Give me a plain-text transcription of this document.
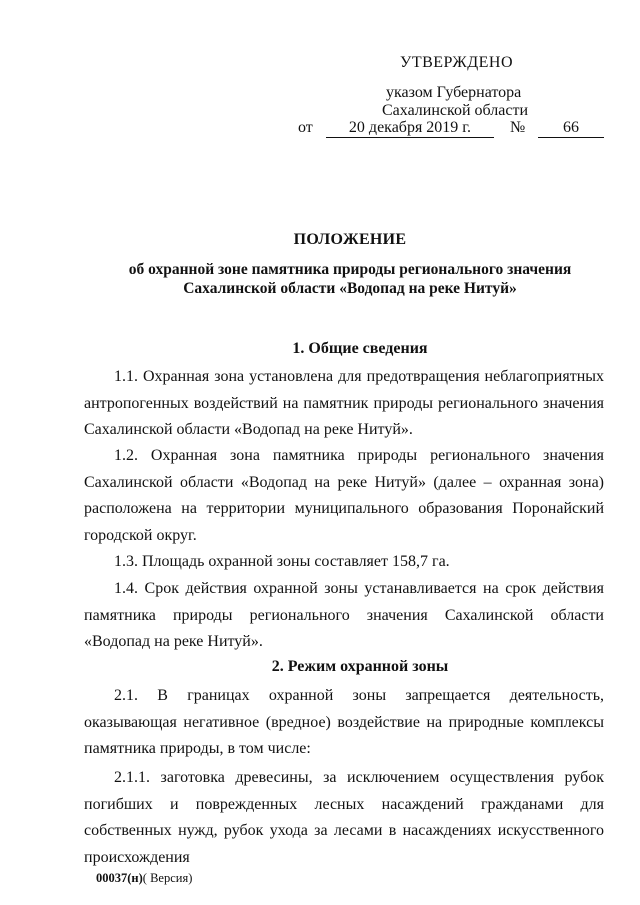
УТВЕРЖДЕНО
указом Губернатора
Сахалинской области
от	20 декабря 2019 г.	№	66
ПОЛОЖЕНИЕ
об охранной зоне памятника природы регионального значения
Сахалинской области «Водопад на реке Нитуй»
1. Общие сведения

1.1. Охранная зона установлена для предотвращения неблагоприятных антропогенных воздействий на памятник природы регионального значения Сахалинской области «Водопад на реке Нитуй».

1.2. Охранная зона памятника природы регионального значения Сахалинской области «Водопад на реке Нитуй» (далее – охранная зона) расположена на территории муниципального образования Поронайский городской округ.

1.3. Площадь охранной зоны составляет 158,7 га.

1.4. Срок действия охранной зоны устанавливается на срок действия памятника природы регионального значения Сахалинской области «Водопад на реке Нитуй».

2. Режим охранной зоны

2.1. В границах охранной зоны запрещается деятельность, оказывающая негативное (вредное) воздействие на природные комплексы памятника природы, в том числе:

2.1.1. заготовка древесины, за исключением осуществления рубок погибших и поврежденных лесных насаждений гражданами для собственных нужд, рубок ухода за лесами в насаждениях искусственного происхождения

00037(н)( Версия)
